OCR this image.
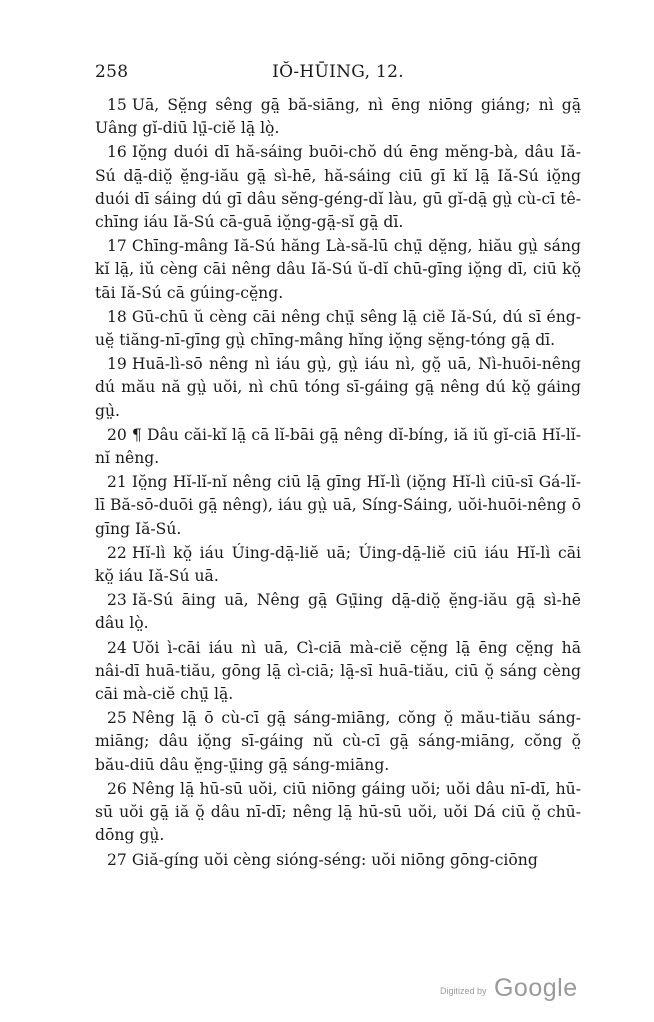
258	IŎ-HŪING, 12.

15 Uā, Sĕ̤ng sêng gā̤ bă-siāng, nì ēng niōng giáng; nì gā̤ Uâng gĭ-diū lṳ̄-ciĕ lā̤ lò̤.

16 Iŏ̤ng duói dī hă-sáing buōi-chŏ dú ēng mĕng-bà, dâu Iă-Sú dā̤-diŏ̤ ĕ̤ng-iău gā̤ sì-hē, hă-sáing ciū gī kĭ lā̤ Iă-Sú iŏ̤ng duói dī sáing dú gī dâu sĕng-géng-dĭ làu, gū gĭ-dā̤ gṳ̀ cù-cī tê-chīng iáu Iă-Sú cā-guā iŏ̤ng-gā̤-sĭ gā̤ dī.

17 Chīng-mâng Iă-Sú hăng Là-să-lū chṳ̄ dĕ̤ng, hiău gṳ̀ sáng kĭ lā̤, iŭ cèng cāi nêng dâu Iă-Sú ŭ-dĭ chū-gīng iŏ̤ng dī, ciū kŏ̤ tāi Iă-Sú cā gúing-cĕ̤ng.

18 Gū-chū ŭ cèng cāi nêng chṳ̄ sêng lā̤ ciĕ Iă-Sú, dú sī éng-uĕ̤ tiăng-nī-gīng gṳ̀ chīng-mâng hĭng iŏ̤ng sĕ̤ng-tóng gā̤ dī.

19 Huā-lì-sō nêng nì iáu gṳ̀, gṳ̀ iáu nì, gŏ̤ uā, Nì-huōi-nêng dú mău nă gṳ̀ uŏi, nì chū tóng sī-gáing gā̤ nêng dú kŏ̤ gáing gṳ̀.

20 ¶ Dâu căi-kĭ lā̤ cā lĭ-bāi gā̤ nêng dĭ-bíng, iă iŭ gĭ-ciā Hĭ-lĭ-nĭ nêng.

21 Iŏ̤ng Hĭ-lĭ-nĭ nêng ciū lā̤ gīng Hĭ-lì (iŏ̤ng Hĭ-lì ciū-sī Gá-lĭ-lī Bă-sō-duōi gā̤ nêng), iáu gṳ̀ uā, Síng-Sáing, uŏi-huōi-nêng ō gīng Iă-Sú.

22 Hĭ-lì kŏ̤ iáu Úing-dā̤-liĕ uā; Úing-dā̤-liĕ ciū iáu Hĭ-lì cāi kŏ̤ iáu Iă-Sú uā.

23 Iă-Sú āing uā, Nêng gā̤ Gṳ̄ing dā̤-diŏ̤ ĕ̤ng-iău gā̤ sì-hē dâu lò̤.

24 Uŏi ì-cāi iáu nì uā, Cì-ciā mà-ciĕ cĕ̤ng lā̤ ēng cĕ̤ng hā nâi-dī huā-tiău, gōng lā̤ cì-ciā; lā̤-sī huā-tiău, ciū ŏ̤ sáng cèng cāi mà-ciĕ chṳ̄ lā̤.

25 Nêng lā̤ ō cù-cī gā̤ sáng-miāng, cŏng ŏ̤ mău-tiău sáng-miāng; dâu iŏ̤ng sī-gáing nŭ cù-cī gā̤ sáng-miāng, cŏng ŏ̤ bău-diū dâu ĕ̤ng-ṳ̄ing gā̤ sáng-miāng.

26 Nêng lā̤ hū-sū uŏi, ciū niōng gáing uŏi; uŏi dâu nī-dī, hū-sū uŏi gā̤ iă ŏ̤ dâu nī-dī; nêng lā̤ hū-sū uŏi, uŏi Dá ciū ŏ̤ chū-dōng gṳ̀.

27 Giă-gíng uŏi cèng sióng-séng: uŏi niōng gōng-ciōng

Digitized by Google
